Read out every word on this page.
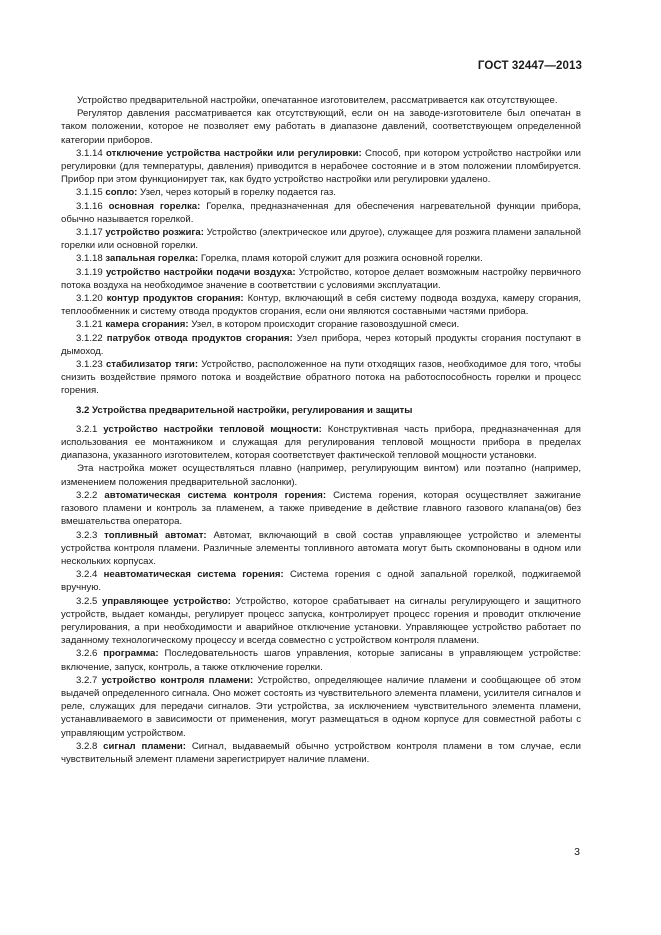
ГОСТ 32447—2013

Устройство предварительной настройки, опечатанное изготовителем, рассматривается как отсутствующее.

Регулятор давления рассматривается как отсутствующий, если он на заводе-изготовителе был опечатан в таком положении, которое не позволяет ему работать в диапазоне давлений, соответствующем определенной категории приборов.

3.1.14 отключение устройства настройки или регулировки: Способ, при котором устройство настройки или регулировки (для температуры, давления) приводится в нерабочее состояние и в этом положении пломбируется. Прибор при этом функционирует так, как будто устройство настройки или регулировки удалено.

3.1.15 сопло: Узел, через который в горелку подается газ.

3.1.16 основная горелка: Горелка, предназначенная для обеспечения нагревательной функции прибора, обычно называется горелкой.

3.1.17 устройство розжига: Устройство (электрическое или другое), служащее для розжига пламени запальной горелки или основной горелки.

3.1.18 запальная горелка: Горелка, пламя которой служит для розжига основной горелки.

3.1.19 устройство настройки подачи воздуха: Устройство, которое делает возможным настройку первичного потока воздуха на необходимое значение в соответствии с условиями эксплуатации.

3.1.20 контур продуктов сгорания: Контур, включающий в себя систему подвода воздуха, камеру сгорания, теплообменник и систему отвода продуктов сгорания, если они являются составными частями прибора.

3.1.21 камера сгорания: Узел, в котором происходит сгорание газовоздушной смеси.

3.1.22 патрубок отвода продуктов сгорания: Узел прибора, через который продукты сгорания поступают в дымоход.

3.1.23 стабилизатор тяги: Устройство, расположенное на пути отходящих газов, необходимое для того, чтобы снизить воздействие прямого потока и воздействие обратного потока на работоспособность горелки и процесс горения.

3.2 Устройства предварительной настройки, регулирования и защиты

3.2.1 устройство настройки тепловой мощности: Конструктивная часть прибора, предназначенная для использования ее монтажником и служащая для регулирования тепловой мощности прибора в пределах диапазона, указанного изготовителем, которая соответствует фактической тепловой мощности установки.

Эта настройка может осуществляться плавно (например, регулирующим винтом) или поэтапно (например, изменением положения предварительной заслонки).

3.2.2 автоматическая система контроля горения: Система горения, которая осуществляет зажигание газового пламени и контроль за пламенем, а также приведение в действие главного газового клапана(ов) без вмешательства оператора.

3.2.3 топливный автомат: Автомат, включающий в свой состав управляющее устройство и элементы устройства контроля пламени. Различные элементы топливного автомата могут быть скомпонованы в одном или нескольких корпусах.

3.2.4 неавтоматическая система горения: Система горения с одной запальной горелкой, поджигаемой вручную.

3.2.5 управляющее устройство: Устройство, которое срабатывает на сигналы регулирующего и защитного устройств, выдает команды, регулирует процесс запуска, контролирует процесс горения и проводит отключение регулирования, а при необходимости и аварийное отключение установки. Управляющее устройство работает по заданному технологическому процессу и всегда совместно с устройством контроля пламени.

3.2.6 программа: Последовательность шагов управления, которые записаны в управляющем устройстве: включение, запуск, контроль, а также отключение горелки.

3.2.7 устройство контроля пламени: Устройство, определяющее наличие пламени и сообщающее об этом выдачей определенного сигнала. Оно может состоять из чувствительного элемента пламени, усилителя сигналов и реле, служащих для передачи сигналов. Эти устройства, за исключением чувствительного элемента пламени, устанавливаемого в зависимости от применения, могут размещаться в одном корпусе для совместной работы с управляющим устройством.

3.2.8 сигнал пламени: Сигнал, выдаваемый обычно устройством контроля пламени в том случае, если чувствительный элемент пламени зарегистрирует наличие пламени.

3
